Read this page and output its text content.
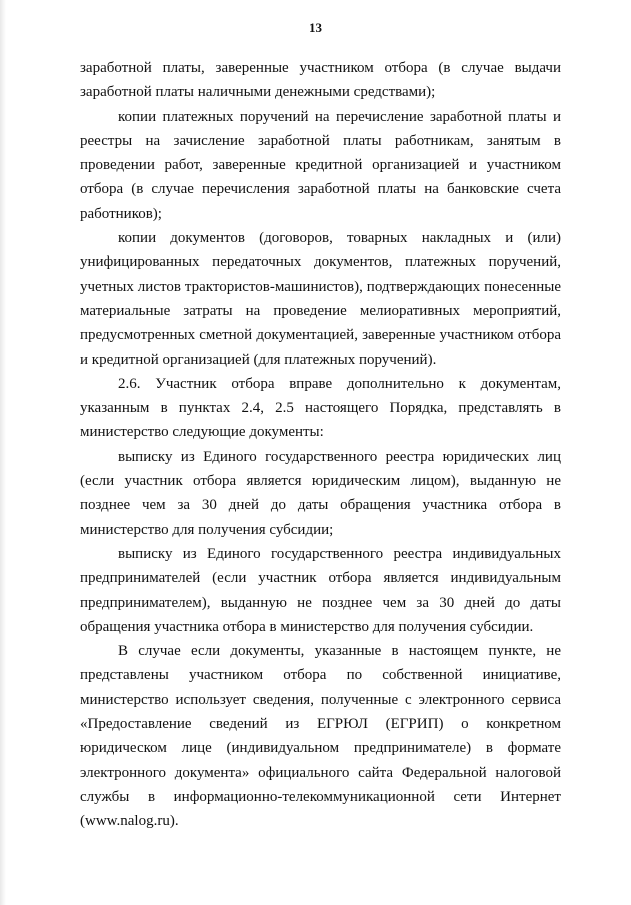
13

заработной платы, заверенные участником отбора (в случае выдачи заработной платы наличными денежными средствами);

копии платежных поручений на перечисление заработной платы и реестры на зачисление заработной платы работникам, занятым в проведении работ, заверенные кредитной организацией и участником отбора (в случае перечисления заработной платы на банковские счета работников);

копии документов (договоров, товарных накладных и (или) унифицированных передаточных документов, платежных поручений, учетных листов трактористов-машинистов), подтверждающих понесенные материальные затраты на проведение мелиоративных мероприятий, предусмотренных сметной документацией, заверенные участником отбора и кредитной организацией (для платежных поручений).

2.6. Участник отбора вправе дополнительно к документам, указанным в пунктах 2.4, 2.5 настоящего Порядка, представлять в министерство следующие документы:

выписку из Единого государственного реестра юридических лиц (если участник отбора является юридическим лицом), выданную не позднее чем за 30 дней до даты обращения участника отбора в министерство для получения субсидии;

выписку из Единого государственного реестра индивидуальных предпринимателей (если участник отбора является индивидуальным предпринимателем), выданную не позднее чем за 30 дней до даты обращения участника отбора в министерство для получения субсидии.

В случае если документы, указанные в настоящем пункте, не представлены участником отбора по собственной инициативе, министерство использует сведения, полученные с электронного сервиса «Предоставление сведений из ЕГРЮЛ (ЕГРИП) о конкретном юридическом лице (индивидуальном предпринимателе) в формате электронного документа» официального сайта Федеральной налоговой службы в информационно-телекоммуникационной сети Интернет (www.nalog.ru).
